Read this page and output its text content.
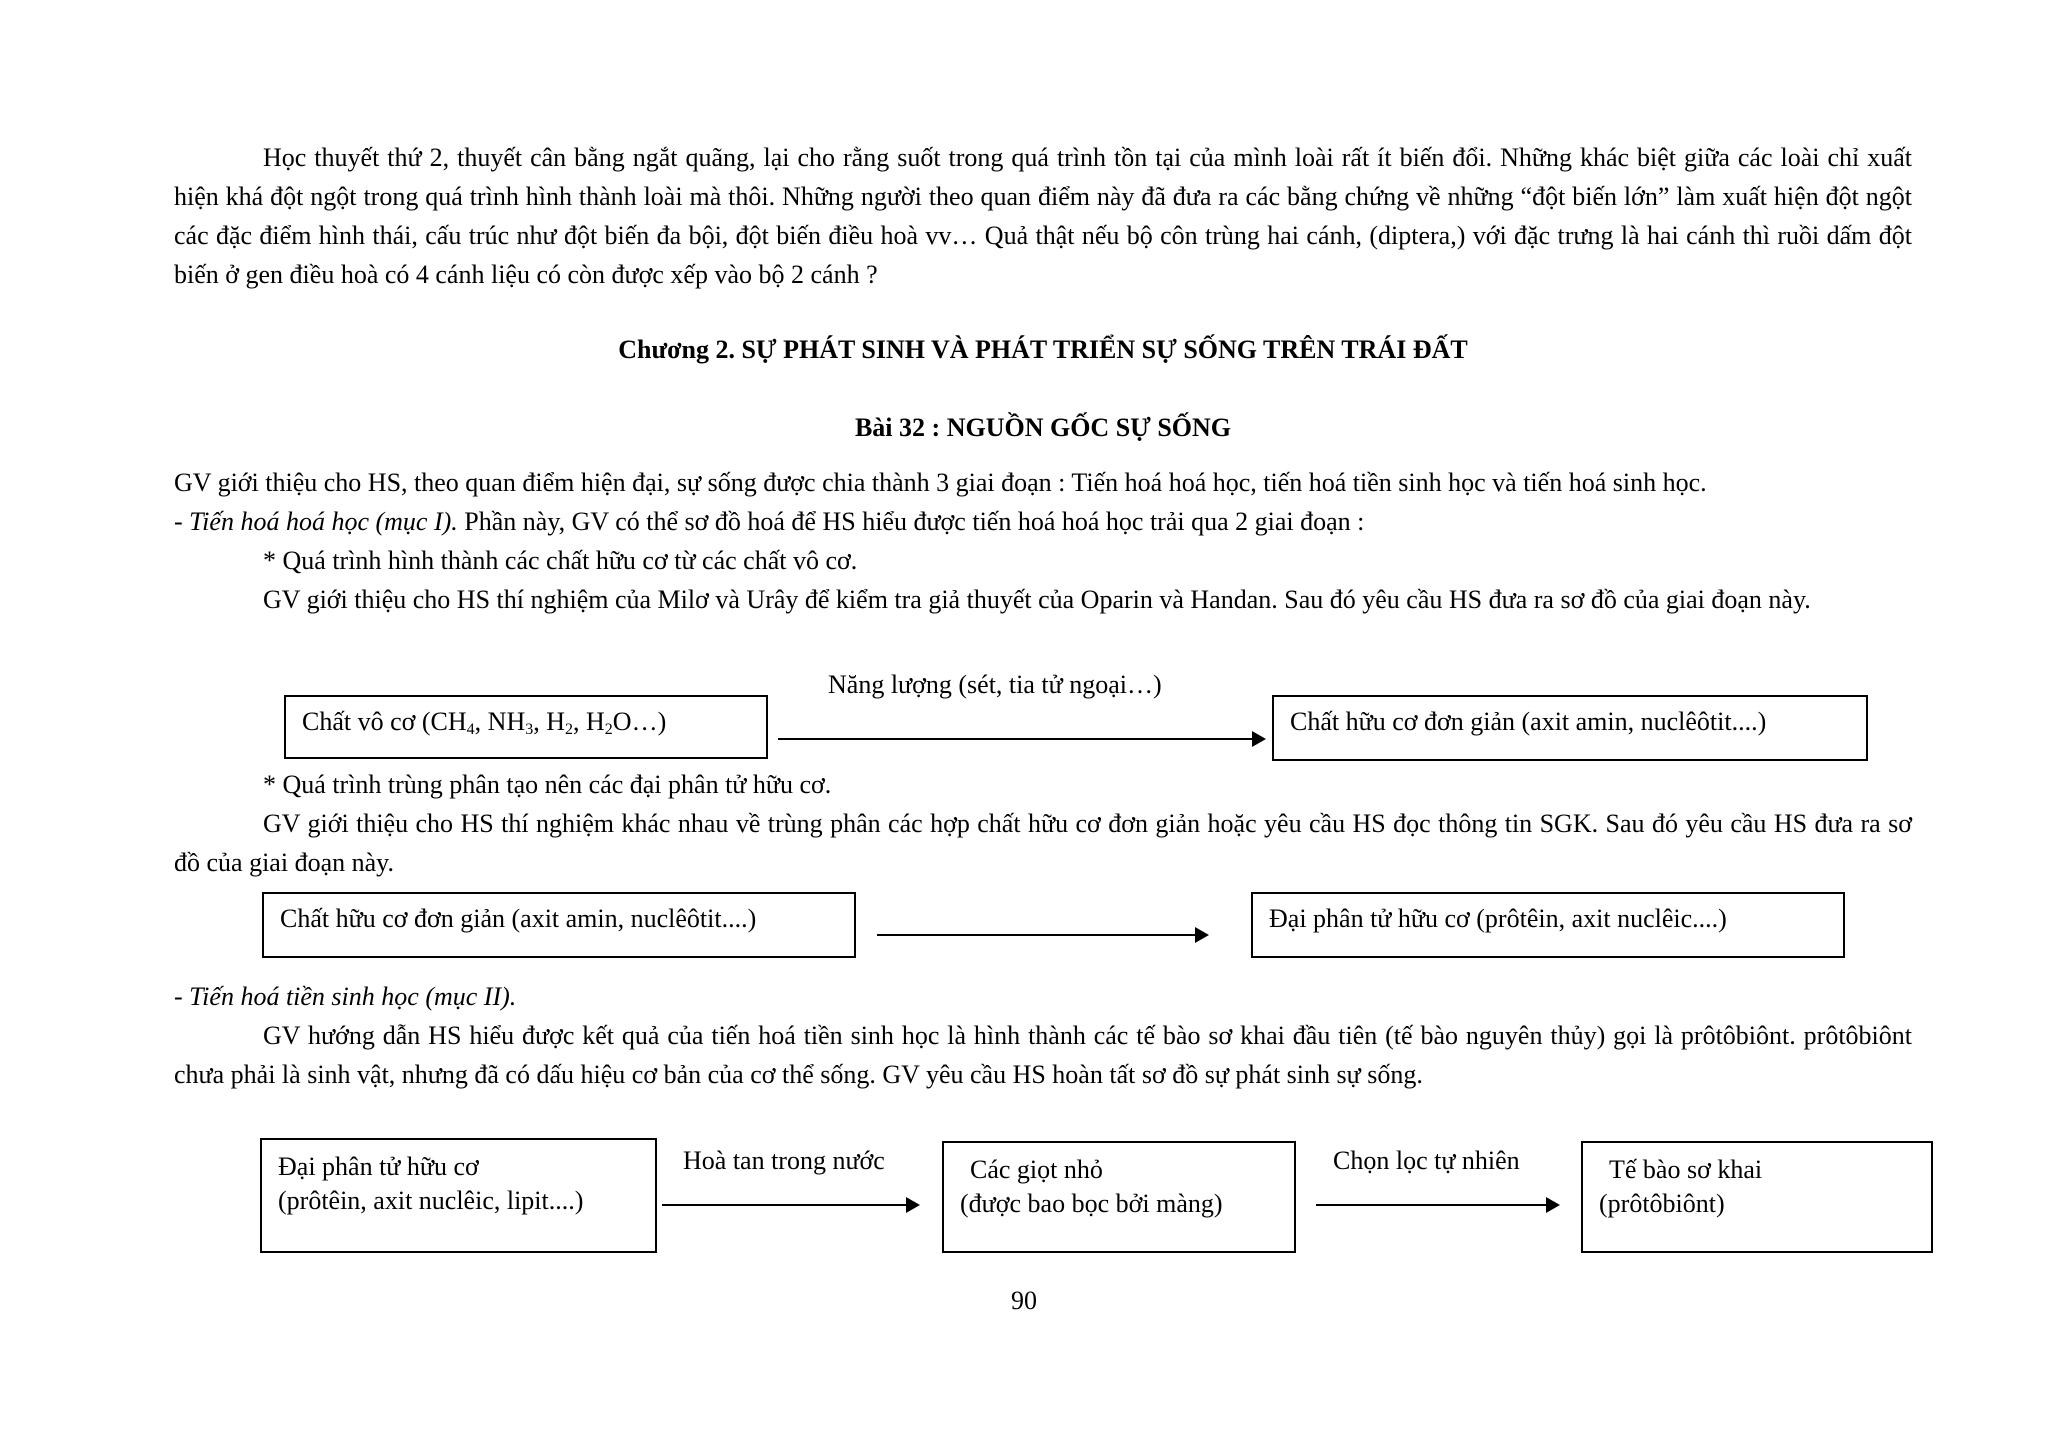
Học thuyết thứ 2, thuyết cân bằng ngắt quãng, lại cho rằng suốt trong quá trình tồn tại của mình loài rất ít biến đổi. Những khác biệt giữa các loài chỉ xuất hiện khá đột ngột trong quá trình hình thành loài mà thôi. Những người theo quan điểm này đã đưa ra các bằng chứng về những “đột biến lớn” làm xuất hiện đột ngột các đặc điểm hình thái, cấu trúc như đột biến đa bội, đột biến điều hoà vv… Quả thật nếu bộ côn trùng hai cánh, (diptera,) với đặc trưng là hai cánh thì ruồi dấm đột biến ở gen điều hoà có 4 cánh liệu có còn được xếp vào bộ 2 cánh ?

Chương 2. SỰ PHÁT SINH VÀ PHÁT TRIỂN SỰ SỐNG TRÊN TRÁI ĐẤT

Bài 32 : NGUỒN GỐC SỰ SỐNG

GV giới thiệu cho HS, theo quan điểm hiện đại, sự sống được chia thành 3 giai đoạn : Tiến hoá hoá học, tiến hoá tiền sinh học và tiến hoá sinh học.

- Tiến hoá hoá học (mục I). Phần này, GV có thể sơ đồ hoá để HS hiểu được tiến hoá hoá học trải qua 2 giai đoạn :

* Quá trình hình thành các chất hữu cơ từ các chất vô cơ.

GV giới thiệu cho HS thí nghiệm của Milơ và Urây để kiểm tra giả thuyết của Oparin và Handan. Sau đó yêu cầu HS đưa ra sơ đồ của giai đoạn này.

Năng lượng (sét, tia tử ngoại…)
Chất vô cơ ($CH_4$, $NH_3$, $H_2$, $H_2O\dots$)	Chất hữu cơ đơn giản (axit amin, nuclêôtit....)

* Quá trình trùng phân tạo nên các đại phân tử hữu cơ.

GV giới thiệu cho HS thí nghiệm khác nhau về trùng phân các hợp chất hữu cơ đơn giản hoặc yêu cầu HS đọc thông tin SGK. Sau đó yêu cầu HS đưa ra sơ đồ của giai đoạn này.

Chất hữu cơ đơn giản (axit amin, nuclêôtit....)	Đại phân tử hữu cơ (prôtêin, axit nuclêic....)

- Tiến hoá tiền sinh học (mục II).

GV hướng dẫn HS hiểu được kết quả của tiến hoá tiền sinh học là hình thành các tế bào sơ khai đầu tiên (tế bào nguyên thủy) gọi là prôtôbiônt. prôtôbiônt chưa phải là sinh vật, nhưng đã có dấu hiệu cơ bản của cơ thể sống. GV yêu cầu HS hoàn tất sơ đồ sự phát sinh sự sống.

Đại phân tử hữu cơ
(prôtêin, axit nuclêic, lipit....)
Hoà tan trong nước	Các giọt nhỏ
(được bao bọc bởi màng)
Chọn lọc tự nhiên	Tế bào sơ khai
(prôtôbiônt)
90
